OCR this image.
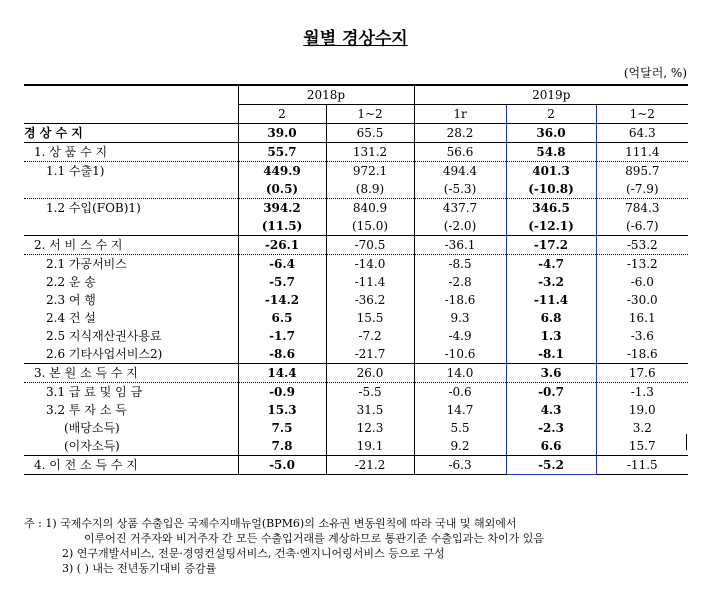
월별 경상수지
(억달러, %)
	2018p		2019p		
	2	1~2	1r	2	1~2
경 상 수 지	39.0	65.5	28.2	36.0	64.3
1. 상 품 수 지	55.7	131.2	56.6	54.8	111.4
1.1 수출1)	449.9	972.1	494.4	401.3	895.7
	(0.5)	(8.9)	(-5.3)	(-10.8)	(-7.9)
1.2 수입(FOB)1)	394.2	840.9	437.7	346.5	784.3
	(11.5)	(15.0)	(-2.0)	(-12.1)	(-6.7)
2. 서 비 스 수 지	-26.1	-70.5	-36.1	-17.2	-53.2
2.1 가공서비스	-6.4	-14.0	-8.5	-4.7	-13.2
2.2 운 송	-5.7	-11.4	-2.8	-3.2	-6.0
2.3 여 행	-14.2	-36.2	-18.6	-11.4	-30.0
2.4 건 설	6.5	15.5	9.3	6.8	16.1
2.5 지식재산권사용료	-1.7	-7.2	-4.9	1.3	-3.6
2.6 기타사업서비스2)	-8.6	-21.7	-10.6	-8.1	-18.6
3. 본 원 소 득 수 지	14.4	26.0	14.0	3.6	17.6
3.1 급 료 및 임 금	-0.9	-5.5	-0.6	-0.7	-1.3
3.2 투 자 소 득	15.3	31.5	14.7	4.3	19.0
(배당소득)	7.5	12.3	5.5	-2.3	3.2
(이자소득)	7.8	19.1	9.2	6.6	15.7
4. 이 전 소 득 수 지	-5.0	-21.2	-6.3	-5.2	-11.5
주 : 1) 국제수지의 상품 수출입은 국제수지매뉴얼(BPM6)의 소유권 변동원칙에 따라 국내 및 해외에서
이루어진 거주자와 비거주자 간 모든 수출입거래를 계상하므로 통관기준 수출입과는 차이가 있음
2) 연구개발서비스, 전문·경영컨설팅서비스, 건축·엔지니어링서비스 등으로 구성
3) ( ) 내는 전년동기대비 증감률
